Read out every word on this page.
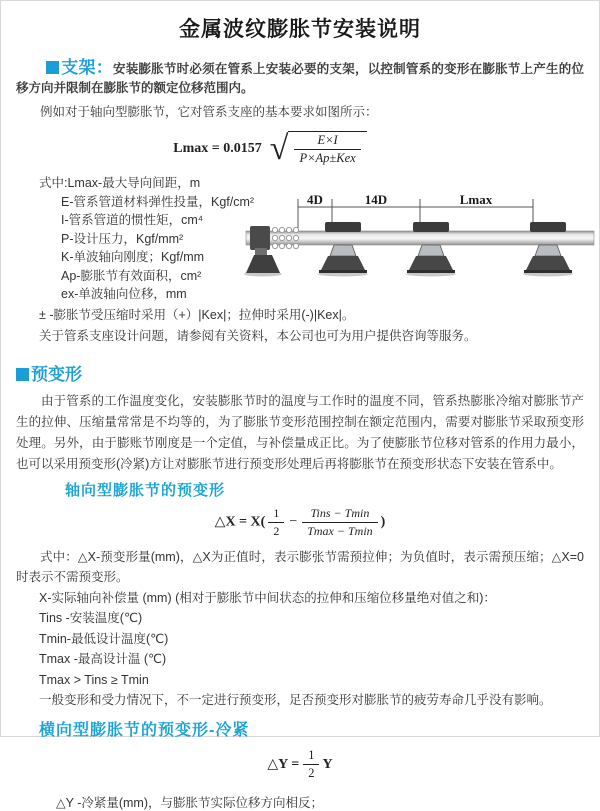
金属波纹膨胀节安装说明

支架：安装膨胀节时必须在管系上安装必要的支架，以控制管系的变形在膨胀节上产生的位移方向并限制在膨胀节的额定位移范围内。

例如对于轴向型膨胀节，它对管系支座的基本要求如图所示：

Lmax = 0.0157 √ $\frac{E\times I}{\text{P×Ap±Kex}}$
式中:Lmax-最大导向间距，m
E-管系管道材料弹性投量，Kgf/cm²
I-管系管道的惯性矩，cm⁴
P-设计压力，Kgf/mm²
K-单波轴向刚度；Kgf/mm
Ap-膨胀节有效面积，cm²
ex-单波轴向位移，mm
± -膨胀节受压缩时采用（+）|Kex|；拉伸时采用(-)|Kex|。
关于管系支座设计问题，请参阅有关资料，本公司也可为用户提供咨询等服务。
4D	14D	Lmax
预变形

由于管系的工作温度变化，安装膨胀节时的温度与工作时的温度不同，管系热膨胀冷缩对膨胀节产生的拉伸、压缩量常常是不均等的，为了膨胀节变形范围控制在额定范围内，需要对膨胀节采取预变形处理。另外，由于膨账节刚度是一个定值，与补偿量成正比。为了使膨胀节位移对管系的作用力最小，也可以采用预变形(冷紧)方让对膨胀节进行预变形处理后再将膨胀节在预变形状态下安装在管系中。

轴向型膨胀节的预变形
△X = $X( \frac{1}{2} - \frac{\text{Tins − Tmin}}{Tmax - Tmin}$ )
式中：△X-预变形量(mm)，△X为正值时，表示膨张节需预拉伸；为负值时，表示需预压缩；△X=0时表示不需预变形。
X-实际轴向补偿量 (mm) (相对于膨胀节中间状态的拉伸和压缩位移量绝对值之和)：
Tins -安装温度(℃)
Tmin-最低设计温度(℃)
Tmax -最高设计温 (℃)
Tmax > Tins ≥ Tmin
一般变形和受力情况下，不一定进行预变形，足否预变形对膨胀节的疲劳寿命几乎没有影响。
横向型膨胀节的预变形-冷紧
△Y = $\frac{1}{2}$ Y
△Y -冷紧量(mm)，与膨胀节实际位移方向相反；
